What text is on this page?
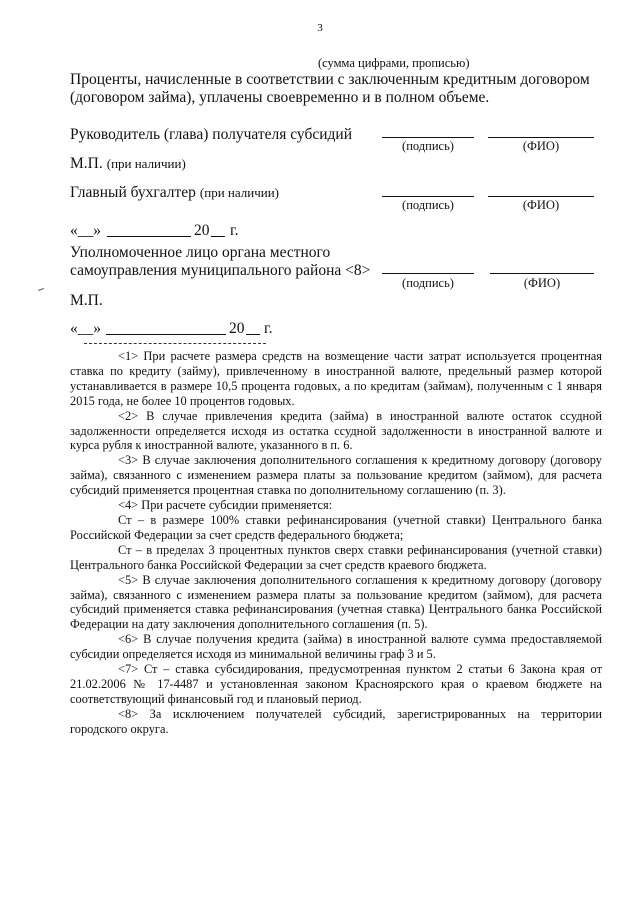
3
(сумма цифрами, прописью)
Проценты, начисленные в соответствии с заключенным кредитным договором
(договором займа), уплачены своевременно и в полном объеме.
Руководитель (глава) получателя субсидий
(подпись)	(ФИО)
М.П. (при наличии)
Главный бухгалтер (при наличии)
(подпись)	(ФИО)
«__»	20 г.
Уполномоченное лицо органа местного
самоуправления муниципального района <8>
(подпись)	(ФИО)
М.П.
«__»	20 г.

<1> При расчете размера средств на возмещение части затрат используется процентная ставка по кредиту (займу), привлеченному в иностранной валюте, предельный размер которой устанавливается в размере 10,5 процента годовых, а по кредитам (займам), полученным с 1 января 2015 года, не более 10 процентов годовых.

<2> В случае привлечения кредита (займа) в иностранной валюте остаток ссудной задолженности определяется исходя из остатка ссудной задолженности в иностранной валюте и курса рубля к иностранной валюте, указанного в п. 6.

<3> В случае заключения дополнительного соглашения к кредитному договору (договору займа), связанного с изменением размера платы за пользование кредитом (займом), для расчета субсидий применяется процентная ставка по дополнительному соглашению (п. 3).

<4> При расчете субсидии применяется:

Ст – в размере 100% ставки рефинансирования (учетной ставки) Центрального банка Российской Федерации за счет средств федерального бюджета;

Ст – в пределах 3 процентных пунктов сверх ставки рефинансирования (учетной ставки) Центрального банка Российской Федерации за счет средств краевого бюджета.

<5> В случае заключения дополнительного соглашения к кредитному договору (договору займа), связанного с изменением размера платы за пользование кредитом (займом), для расчета субсидий применяется ставка рефинансирования (учетная ставка) Центрального банка Российской Федерации на дату заключения дополнительного соглашения (п. 5).

<6> В случае получения кредита (займа) в иностранной валюте сумма предоставляемой субсидии определяется исходя из минимальной величины граф 3 и 5.

<7> Ст – ставка субсидирования, предусмотренная пунктом 2 статьи 6 Закона края от 21.02.2006 № 17-4487 и установленная законом Красноярского края о краевом бюджете на соответствующий финансовый год и плановый период.

<8> За исключением получателей субсидий, зарегистрированных на территории городского округа.
